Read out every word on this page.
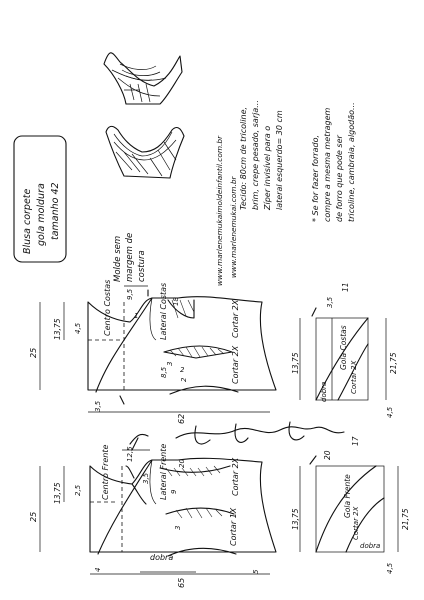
Blusa corpete gola moldura tamanho 42
Molde sem margem de costura	www.marlenemukai.com.br
www.marlenemukaimoldeinfantil.com.br Tecido: 80cm de tricoline, brim, crepe pesado, sarja... Zíper invisível para o lateral esquerdo= 30 cm	* Se for fazer forrado, compre a mesma metragem de forro que pode ser tricoline, cambraia, algodão...
1
2
Centro Costas	Lateral Costas	Cortar 2X
Cortar 2X
25
13,75
9,5
4,5
18
3
8,5
2
62
3,5
Marlene Mukai
Centro Frente	Lateral Frente	Cortar 2X
Cortar 1X
dobra
25
13,75
12,5
2,5
3,5
20
9
3
65
4	5
Gola Costas
Cortar 2X
dobra
3,5
11
13,75	21,75
4,5
Gola Frente
Cortar 2X
dobra
20
17
13,75	21,75
4,5
